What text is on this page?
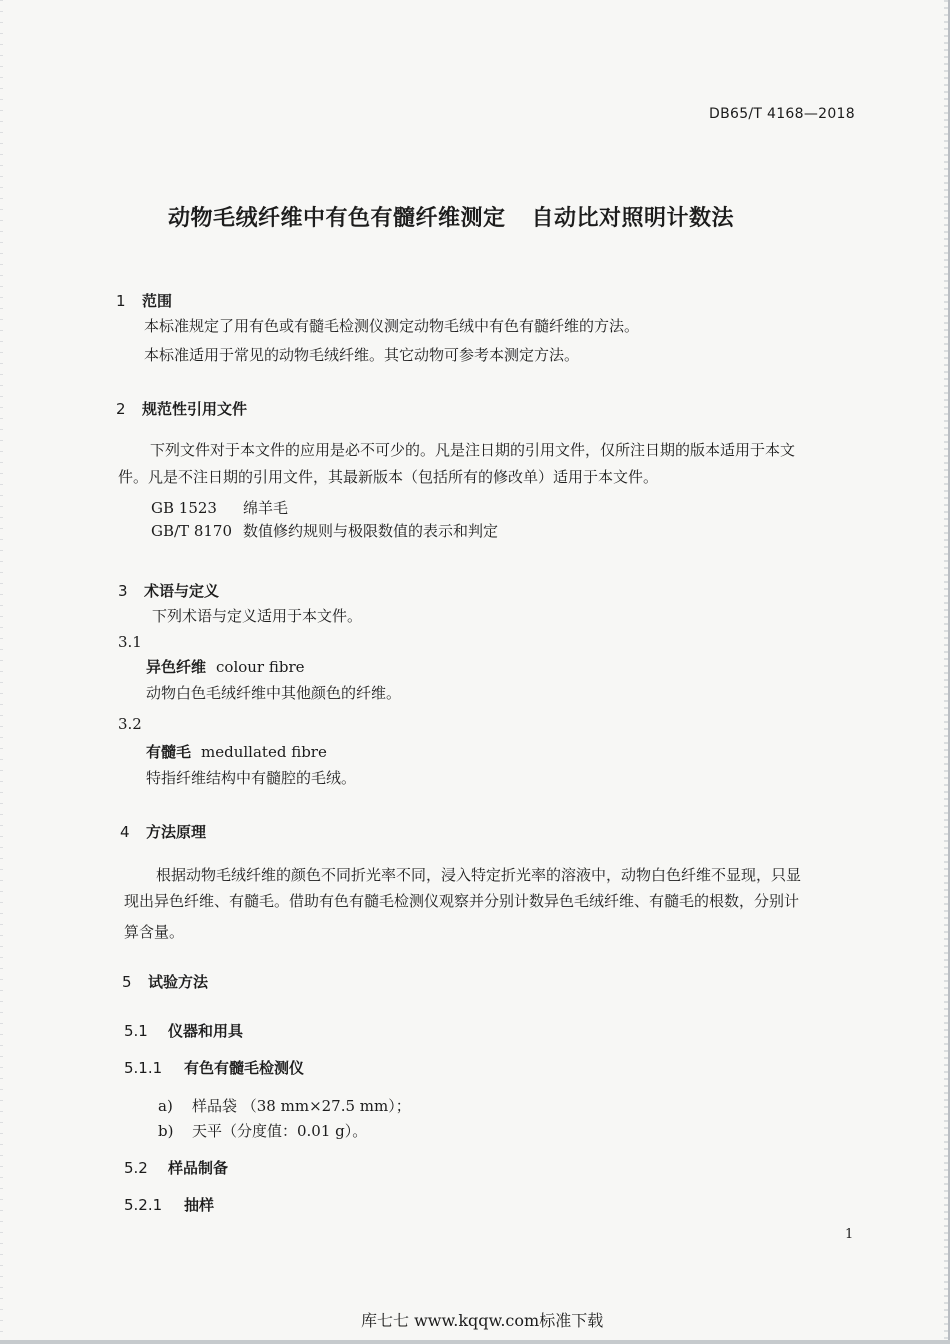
DB65/T 4168—2018
动物毛绒纤维中有色有髓纤维测定 自动比对照明计数法
1 范围
本标准规定了用有色或有髓毛检测仪测定动物毛绒中有色有髓纤维的方法。
本标准适用于常见的动物毛绒纤维。其它动物可参考本测定方法。
2 规范性引用文件
下列文件对于本文件的应用是必不可少的。凡是注日期的引用文件，仅所注日期的版本适用于本文
件。凡是不注日期的引用文件，其最新版本（包括所有的修改单）适用于本文件。
GB 1523 绵羊毛
GB/T 8170 数值修约规则与极限数值的表示和判定
3 术语与定义
下列术语与定义适用于本文件。
3.1
异色纤维 colour fibre
动物白色毛绒纤维中其他颜色的纤维。
3.2
有髓毛 medullated fibre
特指纤维结构中有髓腔的毛绒。
4 方法原理
根据动物毛绒纤维的颜色不同折光率不同，浸入特定折光率的溶液中，动物白色纤维不显现，只显
现出异色纤维、有髓毛。借助有色有髓毛检测仪观察并分别计数异色毛绒纤维、有髓毛的根数，分别计
算含量。
5 试验方法
5.1 仪器和用具
5.1.1 有色有髓毛检测仪
a) 样品袋 （38 mm×27.5 mm）；
b) 天平（分度值：0.01 g）。
5.2 样品制备
5.2.1 抽样
1
库七七 www.kqqw.com标准下载
